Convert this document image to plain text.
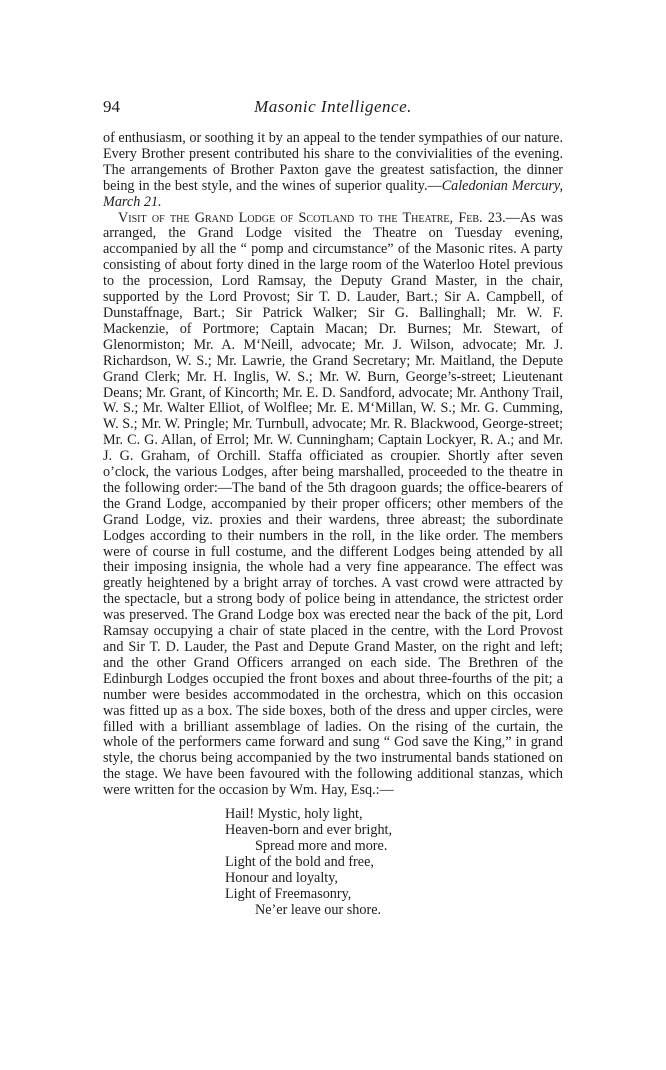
94	Masonic Intelligence.

of enthusiasm, or soothing it by an appeal to the tender sympathies of our nature. Every Brother present contributed his share to the convivialities of the evening. The arrangements of Brother Paxton gave the greatest satisfaction, the dinner being in the best style, and the wines of superior quality.—Caledonian Mercury, March 21.

Visit of the Grand Lodge of Scotland to the Theatre, Feb. 23.—As was arranged, the Grand Lodge visited the Theatre on Tuesday evening, accompanied by all the “ pomp and circumstance” of the Masonic rites. A party consisting of about forty dined in the large room of the Waterloo Hotel previous to the procession, Lord Ramsay, the Deputy Grand Master, in the chair, supported by the Lord Provost; Sir T. D. Lauder, Bart.; Sir A. Campbell, of Dunstaffnage, Bart.; Sir Patrick Walker; Sir G. Ballinghall; Mr. W. F. Mackenzie, of Portmore; Captain Macan; Dr. Burnes; Mr. Stewart, of Glenormiston; Mr. A. M‘Neill, advocate; Mr. J. Wilson, advocate; Mr. J. Richardson, W. S.; Mr. Lawrie, the Grand Secretary; Mr. Maitland, the Depute Grand Clerk; Mr. H. Inglis, W. S.; Mr. W. Burn, George’s-street; Lieutenant Deans; Mr. Grant, of Kincorth; Mr. E. D. Sandford, advocate; Mr. Anthony Trail, W. S.; Mr. Walter Elliot, of Wolflee; Mr. E. M‘Millan, W. S.; Mr. G. Cumming, W. S.; Mr. W. Pringle; Mr. Turnbull, advocate; Mr. R. Blackwood, George-street; Mr. C. G. Allan, of Errol; Mr. W. Cunningham; Captain Lockyer, R. A.; and Mr. J. G. Graham, of Orchill. Staffa officiated as croupier. Shortly after seven o’clock, the various Lodges, after being marshalled, proceeded to the theatre in the following order:—The band of the 5th dragoon guards; the office-bearers of the Grand Lodge, accompanied by their proper officers; other members of the Grand Lodge, viz. proxies and their wardens, three abreast; the subordinate Lodges according to their numbers in the roll, in the like order. The members were of course in full costume, and the different Lodges being attended by all their imposing insignia, the whole had a very fine appearance. The effect was greatly heightened by a bright array of torches. A vast crowd were attracted by the spectacle, but a strong body of police being in attendance, the strictest order was preserved. The Grand Lodge box was erected near the back of the pit, Lord Ramsay occupying a chair of state placed in the centre, with the Lord Provost and Sir T. D. Lauder, the Past and Depute Grand Master, on the right and left; and the other Grand Officers arranged on each side. The Brethren of the Edinburgh Lodges occupied the front boxes and about three-fourths of the pit; a number were besides accommodated in the orchestra, which on this occasion was fitted up as a box. The side boxes, both of the dress and upper circles, were filled with a brilliant assemblage of ladies. On the rising of the curtain, the whole of the performers came forward and sung “ God save the King,” in grand style, the chorus being accompanied by the two instrumental bands stationed on the stage. We have been favoured with the following additional stanzas, which were written for the occasion by Wm. Hay, Esq.:—

Hail! Mystic, holy light,
Heaven-born and ever bright,
Spread more and more.
Light of the bold and free,
Honour and loyalty,
Light of Freemasonry,
Ne’er leave our shore.
